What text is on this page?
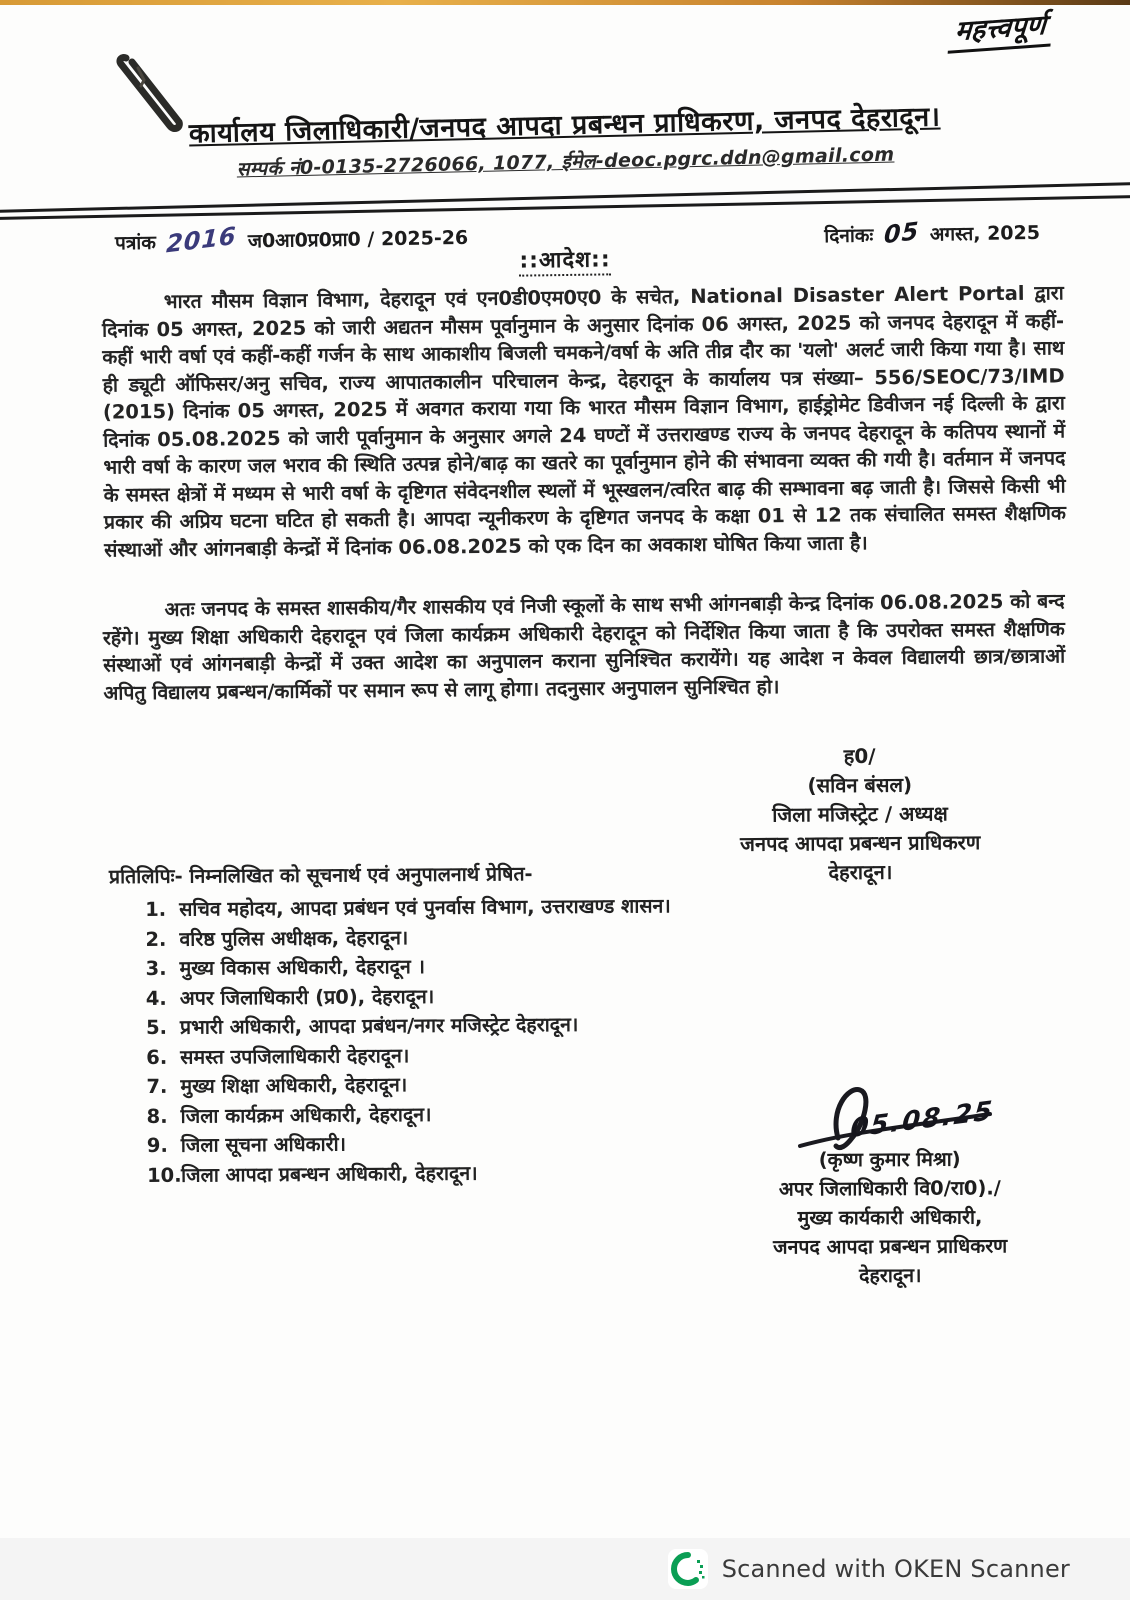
महत्त्वपूर्ण
कार्यालय जिलाधिकारी/जनपद आपदा प्रबन्धन प्राधिकरण, जनपद देहरादून।
सम्पर्क नं0-0135-2726066, 1077, ईमेल-deoc.pgrc.ddn@gmail.com
पत्रांक 2016 ज0आ0प्र0प्रा0 / 2025-26	दिनांकः 05 अगस्त, 2025
::आदेश::
भारत मौसम विज्ञान विभाग, देहरादून एवं एन0डी0एम0ए0 के सचेत, National Disaster Alert Portal द्वारा दिनांक 05 अगस्त, 2025 को जारी अद्यतन मौसम पूर्वानुमान के अनुसार दिनांक 06 अगस्त, 2025 को जनपद देहरादून में कहीं-कहीं भारी वर्षा एवं कहीं-कहीं गर्जन के साथ आकाशीय बिजली चमकने/वर्षा के अति तीव्र दौर का 'यलो' अलर्ट जारी किया गया है। साथ ही ड्यूटी ऑफिसर/अनु सचिव, राज्य आपातकालीन परिचालन केन्द्र, देहरादून के कार्यालय पत्र संख्या– 556/SEOC/73/IMD (2015) दिनांक 05 अगस्त, 2025 में अवगत कराया गया कि भारत मौसम विज्ञान विभाग, हाईड्रोमेट डिवीजन नई दिल्ली के द्वारा दिनांक 05.08.2025 को जारी पूर्वानुमान के अनुसार अगले 24 घण्टों में उत्तराखण्ड राज्य के जनपद देहरादून के कतिपय स्थानों में भारी वर्षा के कारण जल भराव की स्थिति उत्पन्न होने/बाढ़ का खतरे का पूर्वानुमान होने की संभावना व्यक्त की गयी है। वर्तमान में जनपद के समस्त क्षेत्रों में मध्यम से भारी वर्षा के दृष्टिगत संवेदनशील स्थलों में भूस्खलन/त्वरित बाढ़ की सम्भावना बढ़ जाती है। जिससे किसी भी प्रकार की अप्रिय घटना घटित हो सकती है। आपदा न्यूनीकरण के दृष्टिगत जनपद के कक्षा 01 से 12 तक संचालित समस्त शैक्षणिक संस्थाओं और आंगनबाड़ी केन्द्रों में दिनांक 06.08.2025 को एक दिन का अवकाश घोषित किया जाता है।
अतः जनपद के समस्त शासकीय/गैर शासकीय एवं निजी स्कूलों के साथ सभी आंगनबाड़ी केन्द्र दिनांक 06.08.2025 को बन्द रहेंगे। मुख्य शिक्षा अधिकारी देहरादून एवं जिला कार्यक्रम अधिकारी देहरादून को निर्देशित किया जाता है कि उपरोक्त समस्त शैक्षणिक संस्थाओं एवं आंगनबाड़ी केन्द्रों में उक्त आदेश का अनुपालन कराना सुनिश्चित करायेंगे। यह आदेश न केवल विद्यालयी छात्र/छात्राओं अपितु विद्यालय प्रबन्धन/कार्मिकों पर समान रूप से लागू होगा। तदनुसार अनुपालन सुनिश्चित हो।
ह0/
(सविन बंसल)
जिला मजिस्ट्रेट / अध्यक्ष
जनपद आपदा प्रबन्धन प्राधिकरण
देहरादून।
प्रतिलिपिः- निम्नलिखित को सूचनार्थ एवं अनुपालनार्थ प्रेषित-
1. सचिव महोदय, आपदा प्रबंधन एवं पुनर्वास विभाग, उत्तराखण्ड शासन।
2. वरिष्ठ पुलिस अधीक्षक, देहरादून।
3. मुख्य विकास अधिकारी, देहरादून ।
4. अपर जिलाधिकारी (प्र0), देहरादून।
5. प्रभारी अधिकारी, आपदा प्रबंधन/नगर मजिस्ट्रेट देहरादून।
6. समस्त उपजिलाधिकारी देहरादून।
7. मुख्य शिक्षा अधिकारी, देहरादून।
8. जिला कार्यक्रम अधिकारी, देहरादून।
9. जिला सूचना अधिकारी।
10. जिला आपदा प्रबन्धन अधिकारी, देहरादून।
05.08.25
(कृष्ण कुमार मिश्रा)
अपर जिलाधिकारी वि0/रा0)./
मुख्य कार्यकारी अधिकारी,
जनपद आपदा प्रबन्धन प्राधिकरण
देहरादून।
Scanned with OKEN Scanner
